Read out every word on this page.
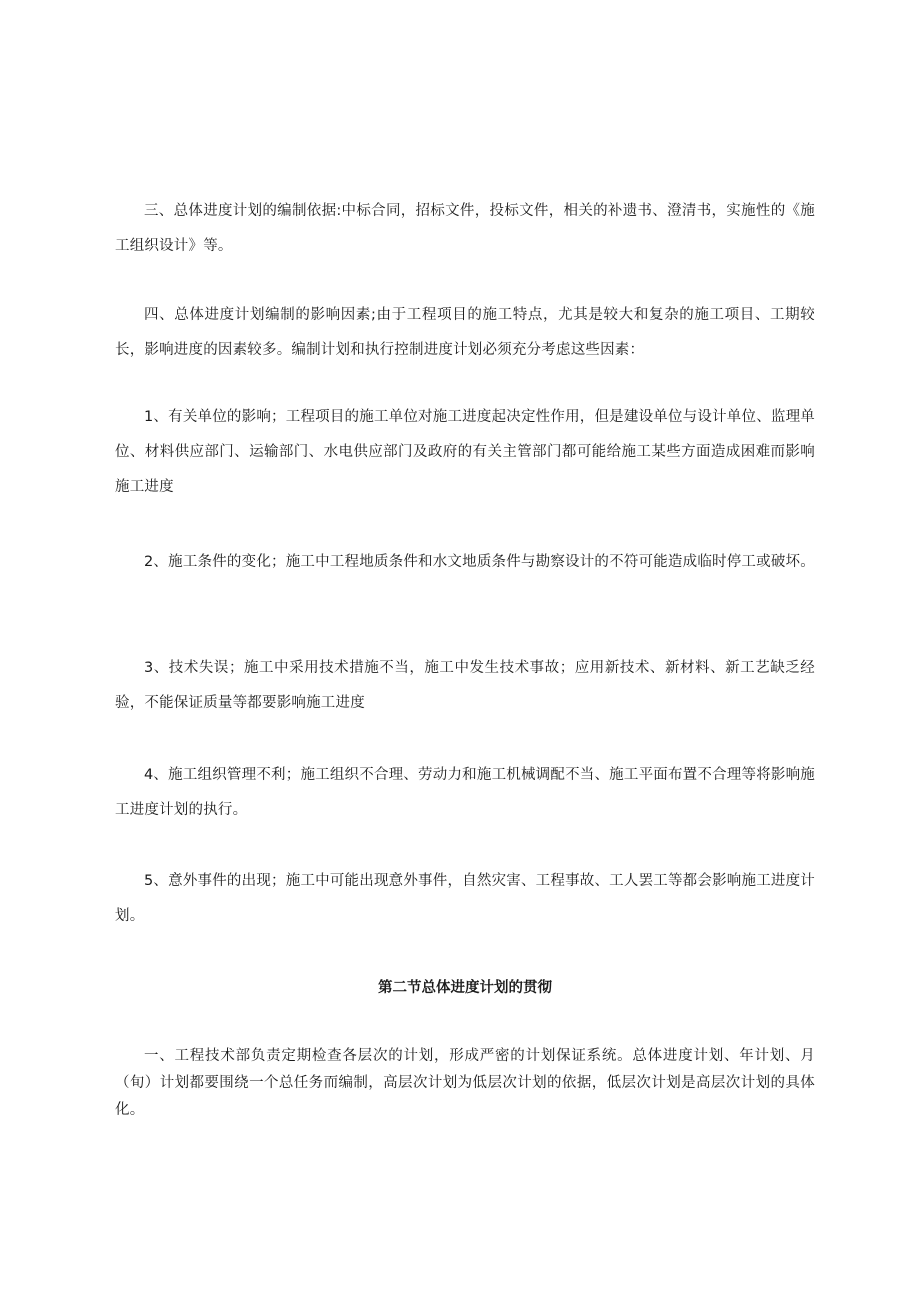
三、总体进度计划的编制依据:中标合同，招标文件，投标文件，相关的补遗书、澄清书，实施性的《施工组织设计》等。

四、总体进度计划编制的影响因素;由于工程项目的施工特点，尤其是较大和复杂的施工项目、工期较长，影响进度的因素较多。编制计划和执行控制进度计划必须充分考虑这些因素：

1、有关单位的影响；工程项目的施工单位对施工进度起决定性作用，但是建设单位与设计单位、监理单位、材料供应部门、运输部门、水电供应部门及政府的有关主管部门都可能给施工某些方面造成困难而影响施工进度

2、施工条件的变化；施工中工程地质条件和水文地质条件与勘察设计的不符可能造成临时停工或破坏。

3、技术失误；施工中采用技术措施不当，施工中发生技术事故；应用新技术、新材料、新工艺缺乏经验，不能保证质量等都要影响施工进度

4、施工组织管理不利；施工组织不合理、劳动力和施工机械调配不当、施工平面布置不合理等将影响施工进度计划的执行。

5、意外事件的出现；施工中可能出现意外事件，自然灾害、工程事故、工人罢工等都会影响施工进度计划。

第二节总体进度计划的贯彻

一、工程技术部负责定期检查各层次的计划，形成严密的计划保证系统。总体进度计划、年计划、月（旬）计划都要围绕一个总任务而编制，高层次计划为低层次计划的依据，低层次计划是高层次计划的具体化。
